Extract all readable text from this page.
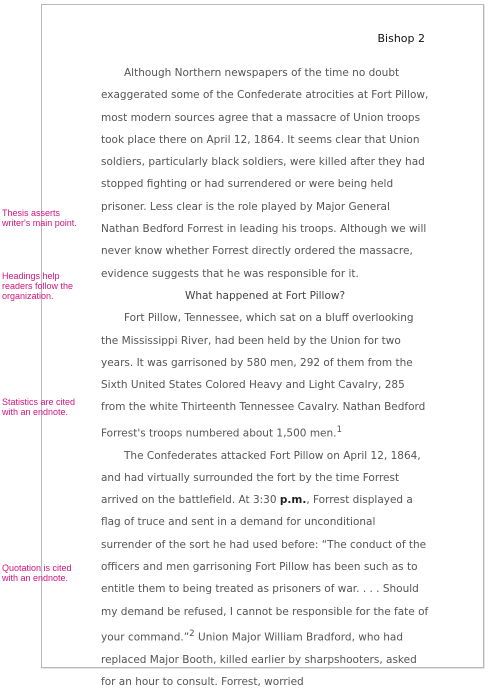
Bishop 2

Although Northern newspapers of the time no doubt exaggerated some of the Confederate atrocities at Fort Pillow, most modern sources agree that a massacre of Union troops took place there on April 12, 1864. It seems clear that Union soldiers, particularly black soldiers, were killed after they had stopped fighting or had surrendered or were being held prisoner. Less clear is the role played by Major General Nathan Bedford Forrest in leading his troops. Although we will never know whether Forrest directly ordered the massacre, evidence suggests that he was responsible for it.

What happened at Fort Pillow?

Fort Pillow, Tennessee, which sat on a bluff overlooking the Mississippi River, had been held by the Union for two years. It was garrisoned by 580 men, 292 of them from the Sixth United States Colored Heavy and Light Cavalry, 285 from the white Thirteenth Tennessee Cavalry. Nathan Bedford Forrest's troops numbered about 1,500 men.$^1$

The Confederates attacked Fort Pillow on April 12, 1864, and had virtually surrounded the fort by the time Forrest arrived on the battlefield. At 3:30 p.m., Forrest displayed a flag of truce and sent in a demand for unconditional surrender of the sort he had used before: “The conduct of the officers and men garrisoning Fort Pillow has been such as to entitle them to being treated as prisoners of war. . . . Should my demand be refused, I cannot be responsible for the fate of your command.”$^2$ Union Major William Bradford, who had replaced Major Booth, killed earlier by sharpshooters, asked for an hour to consult. Forrest, worried

Thesis asserts writer's main point.
Headings help readers follow the organization.
Statistics are cited with an endnote.
Quotation is cited with an endnote.
